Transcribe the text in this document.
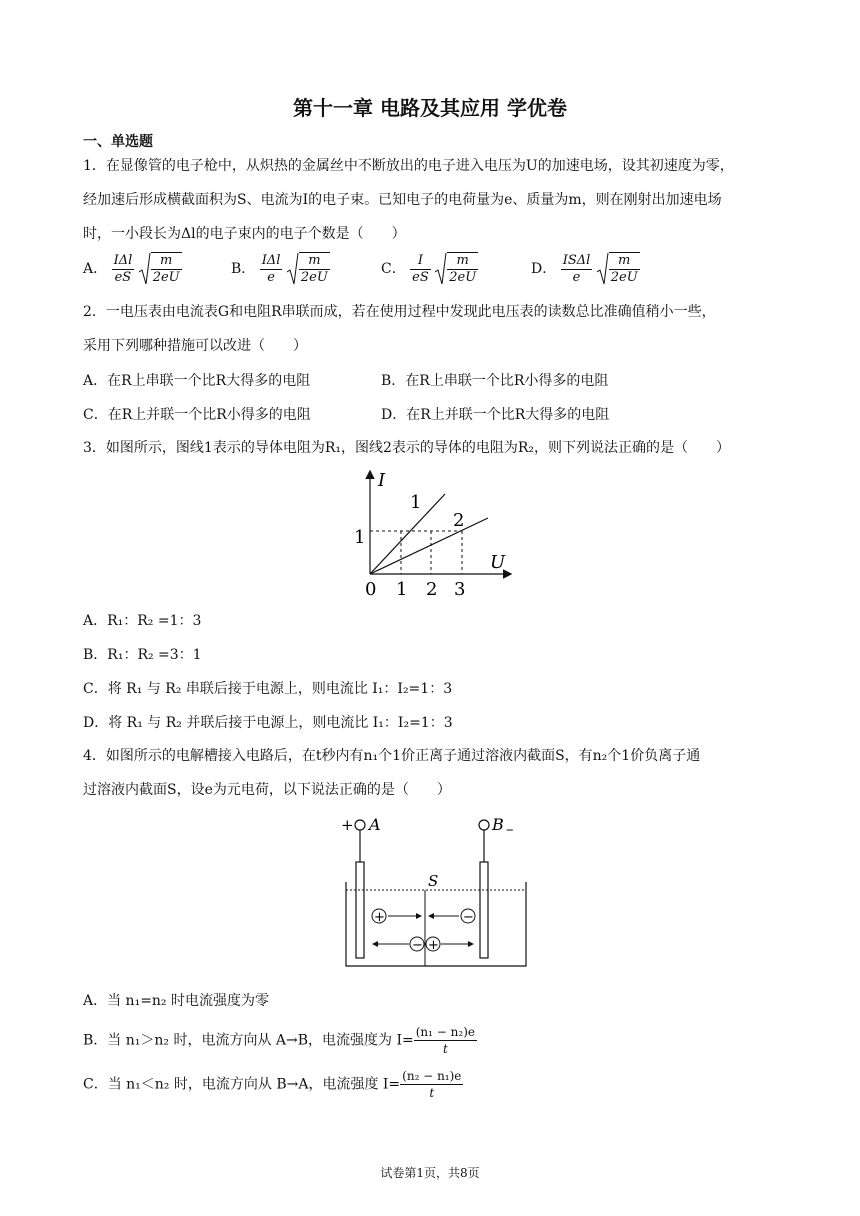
第十一章 电路及其应用 学优卷
一、单选题
1．在显像管的电子枪中，从炽热的金属丝中不断放出的电子进入电压为U的加速电场，设其初速度为零，
经加速后形成横截面积为S、电流为I的电子束。已知电子的电荷量为e、质量为m，则在刚射出加速电场
时，一小段长为Δl的电子束内的电子个数是（　　）
A． $\frac{\text{IΔl}}{eS}$
$\frac{m}{2eU}$	B． $\frac{\text{IΔl}}{e}$
$\frac{m}{2eU}$	C． $\frac{I}{eS}$
$\frac{m}{2eU}$	D． $\frac{\text{ISΔl}}{e}$
$\frac{m}{2eU}$
2．一电压表由电流表G和电阻R串联而成，若在使用过程中发现此电压表的读数总比准确值稍小一些，
采用下列哪种措施可以改进（　　）
A．在R上串联一个比R大得多的电阻	B．在R上串联一个比R小得多的电阻
C．在R上并联一个比R小得多的电阻	D．在R上并联一个比R大得多的电阻
3．如图所示，图线1表示的导体电阻为R₁，图线2表示的导体的电阻为R₂，则下列说法正确的是（　　）
I
U
1
2
1
0 1 2 3
A．R₁：R₂ =1：3
B．R₁：R₂ =3：1
C．将 R₁ 与 R₂ 串联后接于电源上，则电流比 I₁：I₂=1：3
D．将 R₁ 与 R₂ 并联后接于电源上，则电流比 I₁：I₂=1：3
4．如图所示的电解槽接入电路后，在t秒内有n₁个1价正离子通过溶液内截面S，有n₂个1价负离子通
过溶液内截面S，设e为元电荷，以下说法正确的是（　　）
+ A	B –
S
+	−
− +
A．当 n₁=n₂ 时电流强度为零
B．当 n₁＞n₂ 时，电流方向从 A→B，电流强度为 $I= \frac{\text{(n₁ − n₂)e}}{t}$
C．当 n₁＜n₂ 时，电流方向从 B→A，电流强度 $I= \frac{\text{(n₂ − n₁)e}}{t}$
试卷第1页，共8页
